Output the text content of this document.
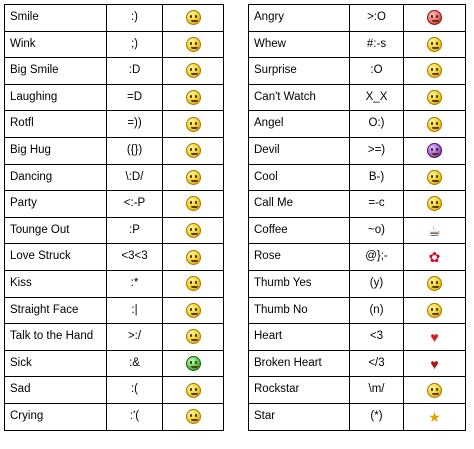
Smile	:)	

Wink	;)	

Big Smile	:D	

Laughing	=D	

Rotfl	=))	

Big Hug	({})	

Dancing	\:D/	

Party	<:-P	

Tounge Out	:P	

Love Struck	<3<3	

Kiss	:*	

Straight Face	:|	

Talk to the Hand	>:/	

Sick	:&	

Sad	:(	

Crying	:'(	
Angry	>:O	

Whew	#:-s	

Surprise	:O	

Can't Watch	X_X	

Angel	O:)	

Devil	>=)	

Cool	B-)	

Call Me	=-c	

Coffee	~o)	☕
Rose	@};-	✿
Thumb Yes	(y)	

Thumb No	(n)	

Heart	<3	♥
Broken Heart	</3	♥
Rockstar	\m/	

Star	(*)	★
